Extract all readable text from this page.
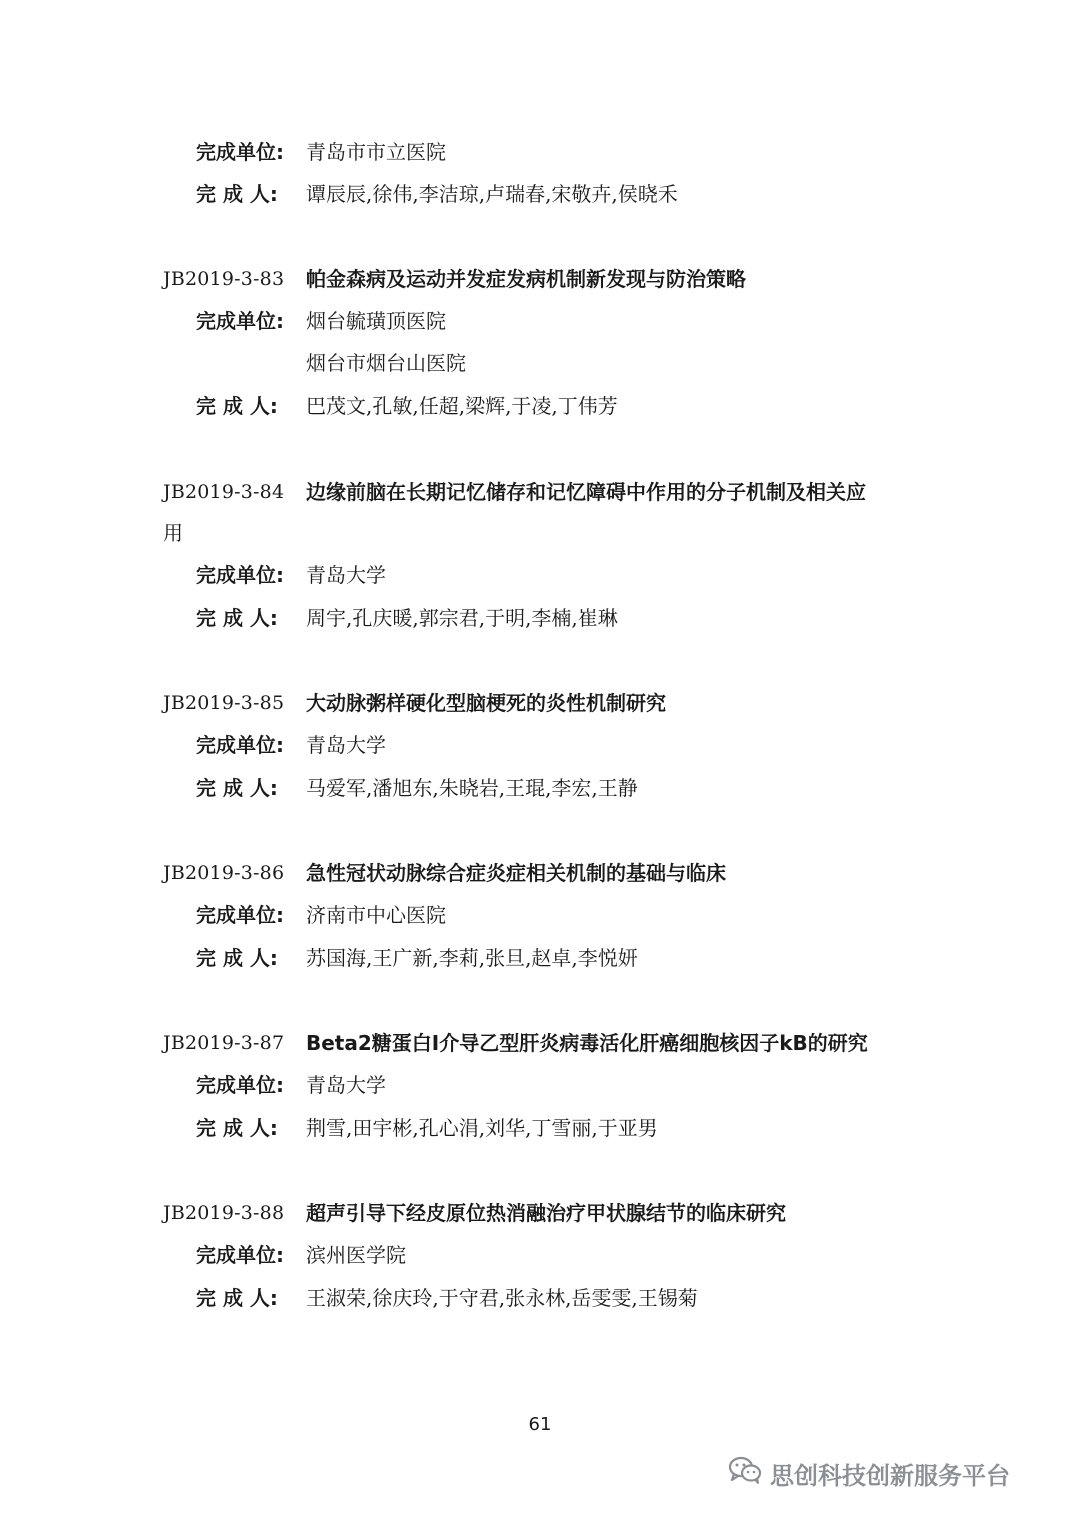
完成单位:	青岛市市立医院
完 成 人:	谭辰辰,徐伟,李洁琼,卢瑞春,宋敬卉,侯晓禾
JB2019-3-83 帕金森病及运动并发症发病机制新发现与防治策略
完成单位:	烟台毓璜顶医院
烟台市烟台山医院
完 成 人:	巴茂文,孔敏,任超,梁辉,于凌,丁伟芳
JB2019-3-84 边缘前脑在长期记忆储存和记忆障碍中作用的分子机制及相关应
用
完成单位:	青岛大学
完 成 人:	周宇,孔庆暖,郭宗君,于明,李楠,崔琳
JB2019-3-85 大动脉粥样硬化型脑梗死的炎性机制研究
完成单位:	青岛大学
完 成 人:	马爱军,潘旭东,朱晓岩,王琨,李宏,王静
JB2019-3-86 急性冠状动脉综合症炎症相关机制的基础与临床
完成单位:	济南市中心医院
完 成 人:	苏国海,王广新,李莉,张旦,赵卓,李悦妍
JB2019-3-87 Beta2糖蛋白Ⅰ介导乙型肝炎病毒活化肝癌细胞核因子kB的研究
完成单位:	青岛大学
完 成 人:	荆雪,田宇彬,孔心涓,刘华,丁雪丽,于亚男
JB2019-3-88 超声引导下经皮原位热消融治疗甲状腺结节的临床研究
完成单位:	滨州医学院
完 成 人:	王淑荣,徐庆玲,于守君,张永林,岳雯雯,王锡菊
61
思创科技创新服务平台
